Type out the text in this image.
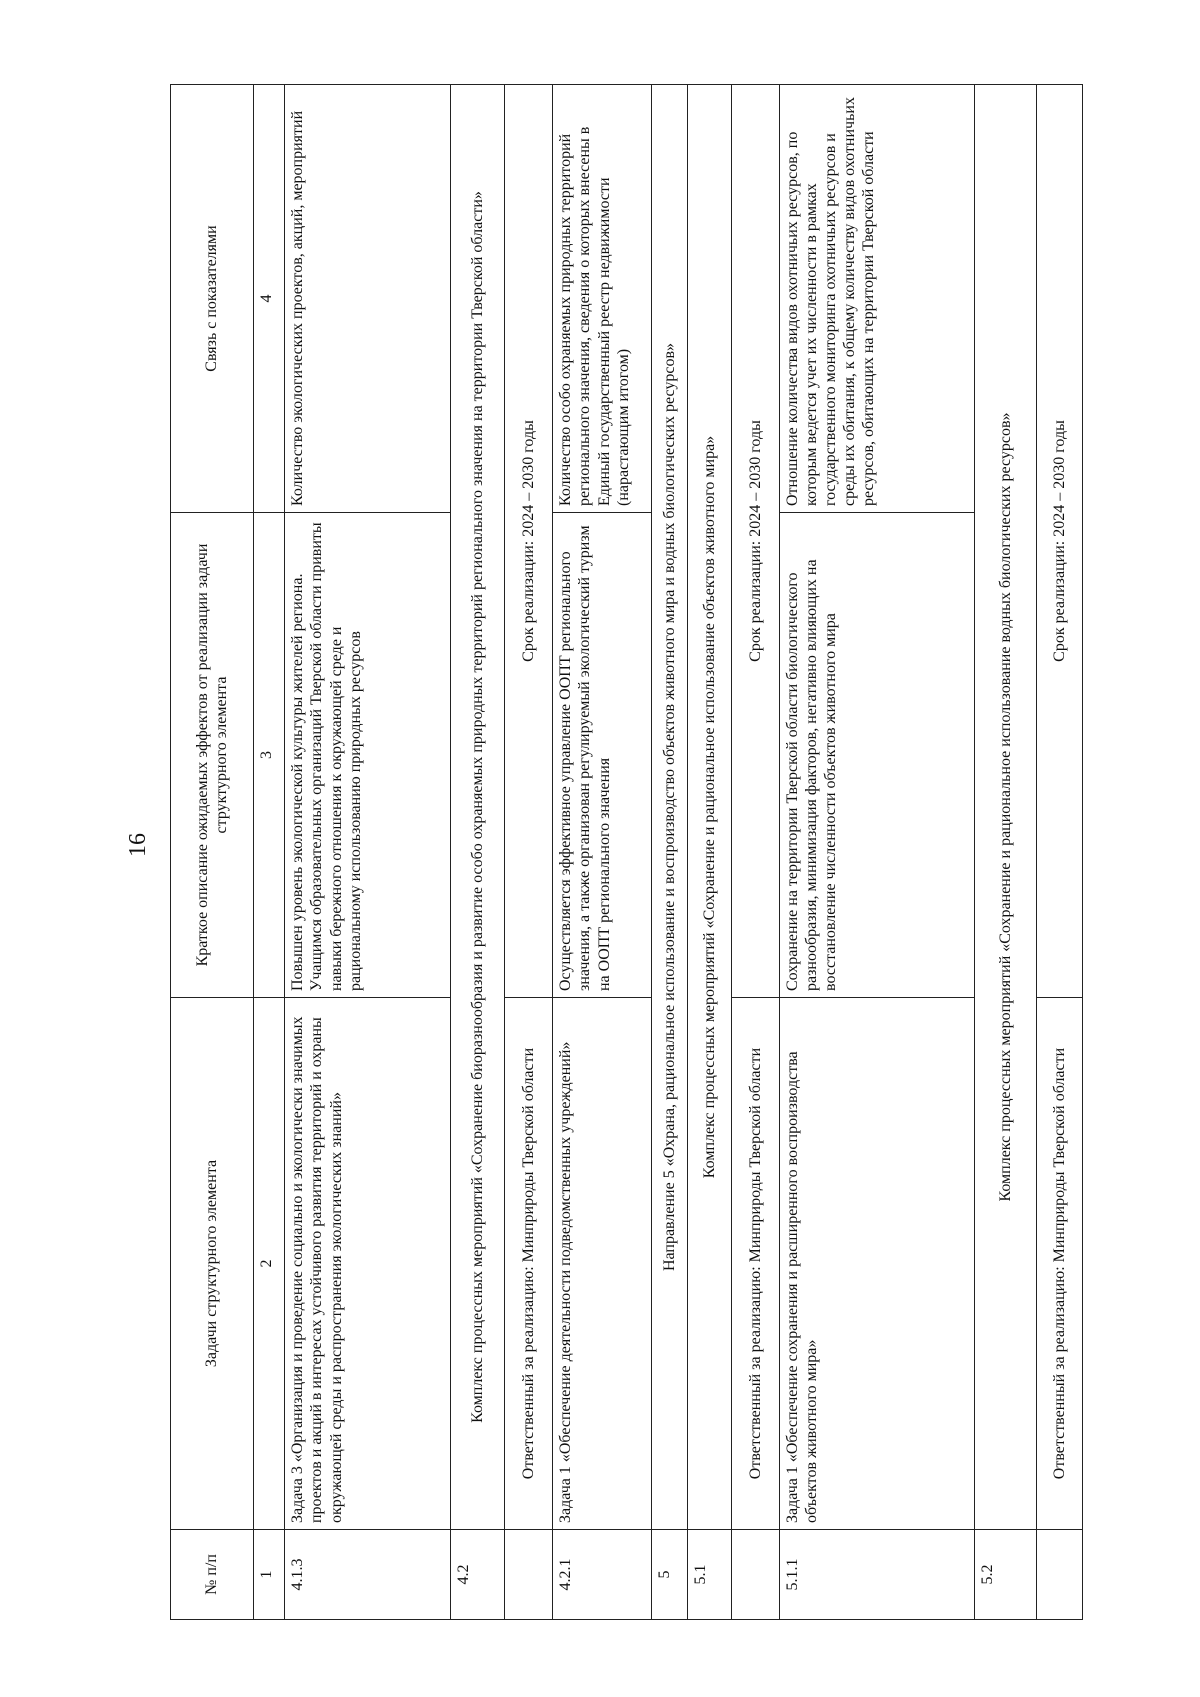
16
№ п/п	Задачи структурного элемента	Краткое описание ожидаемых эффектов от реализации задачи структурного элемента	Связь с показателями
1	2	3	4
4.1.3	Задача 3 «Организация и проведение социально и экологически значимых проектов и акций в интересах устойчивого развития территорий и охраны окружающей среды и распространения экологических знаний»	Повышен уровень экологической культуры жителей региона. Учащимся образовательных организаций Тверской области привиты навыки бережного отношения к окружающей среде и рациональному использованию природных ресурсов	Количество экологических проектов, акций, мероприятий
4.2	Комплекс процессных мероприятий «Сохранение биоразнообразия и развитие особо охраняемых природных территорий регионального значения на территории Тверской области»		
	Ответственный за реализацию: Минприроды Тверской области	Срок реализации: 2024 – 2030 годы	
4.2.1	Задача 1 «Обеспечение деятельности подведомственных учреждений»	Осуществляется эффективное управление ООПТ регионального значения, а также организован регулируемый экологический туризм на ООПТ регионального значения	Количество особо охраняемых природных территорий регионального значения, сведения о которых внесены в Единый государственный реестр недвижимости (нарастающим итогом)
5	Направление 5 «Охрана, рациональное использование и воспроизводство объектов животного мира и водных биологических ресурсов»		
5.1	Комплекс процессных мероприятий «Сохранение и рациональное использование объектов животного мира»		
	Ответственный за реализацию: Минприроды Тверской области	Срок реализации: 2024 – 2030 годы	
5.1.1	Задача 1 «Обеспечение сохранения и расширенного воспроизводства объектов животного мира»	Сохранение на территории Тверской области биологического разнообразия, минимизация факторов, негативно влияющих на восстановление численности объектов животного мира	Отношение количества видов охотничьих ресурсов, по которым ведется учет их численности в рамках государственного мониторинга охотничьих ресурсов и среды их обитания, к общему количеству видов охотничьих ресурсов, обитающих на территории Тверской области
5.2	Комплекс процессных мероприятий «Сохранение и рациональное использование водных биологических ресурсов»		
	Ответственный за реализацию: Минприроды Тверской области	Срок реализации: 2024 – 2030 годы	
